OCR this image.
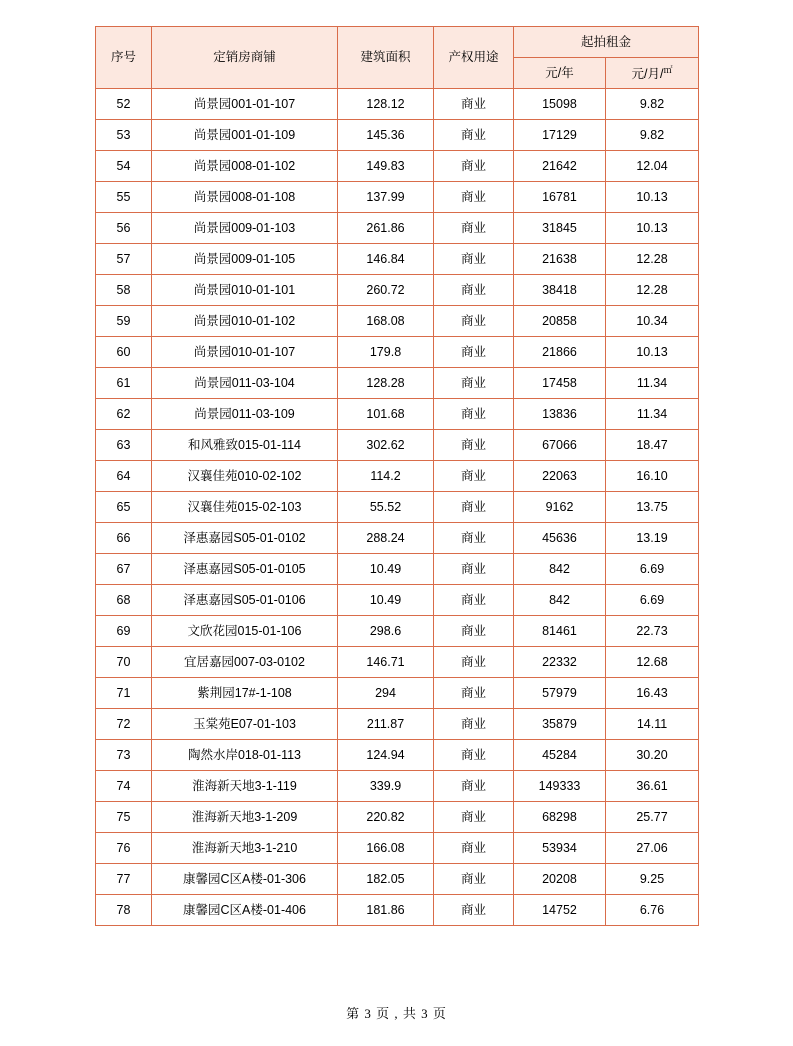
序号	定销房商铺	建筑面积	产权用途	起拍租金	
				元/年	元/月/㎡
52	尚景园001-01-107	128.12	商业	15098	9.82
53	尚景园001-01-109	145.36	商业	17129	9.82
54	尚景园008-01-102	149.83	商业	21642	12.04
55	尚景园008-01-108	137.99	商业	16781	10.13
56	尚景园009-01-103	261.86	商业	31845	10.13
57	尚景园009-01-105	146.84	商业	21638	12.28
58	尚景园010-01-101	260.72	商业	38418	12.28
59	尚景园010-01-102	168.08	商业	20858	10.34
60	尚景园010-01-107	179.8	商业	21866	10.13
61	尚景园011-03-104	128.28	商业	17458	11.34
62	尚景园011-03-109	101.68	商业	13836	11.34
63	和风雅致015-01-114	302.62	商业	67066	18.47
64	汉襄佳苑010-02-102	114.2	商业	22063	16.10
65	汉襄佳苑015-02-103	55.52	商业	9162	13.75
66	泽惠嘉园S05-01-0102	288.24	商业	45636	13.19
67	泽惠嘉园S05-01-0105	10.49	商业	842	6.69
68	泽惠嘉园S05-01-0106	10.49	商业	842	6.69
69	文欣花园015-01-106	298.6	商业	81461	22.73
70	宜居嘉园007-03-0102	146.71	商业	22332	12.68
71	紫荆园17#-1-108	294	商业	57979	16.43
72	玉棠苑E07-01-103	211.87	商业	35879	14.11
73	陶然水岸018-01-113	124.94	商业	45284	30.20
74	淮海新天地3-1-119	339.9	商业	149333	36.61
75	淮海新天地3-1-209	220.82	商业	68298	25.77
76	淮海新天地3-1-210	166.08	商业	53934	27.06
77	康馨园C区A楼-01-306	182.05	商业	20208	9.25
78	康馨园C区A楼-01-406	181.86	商业	14752	6.76
第 3 页 , 共 3 页
